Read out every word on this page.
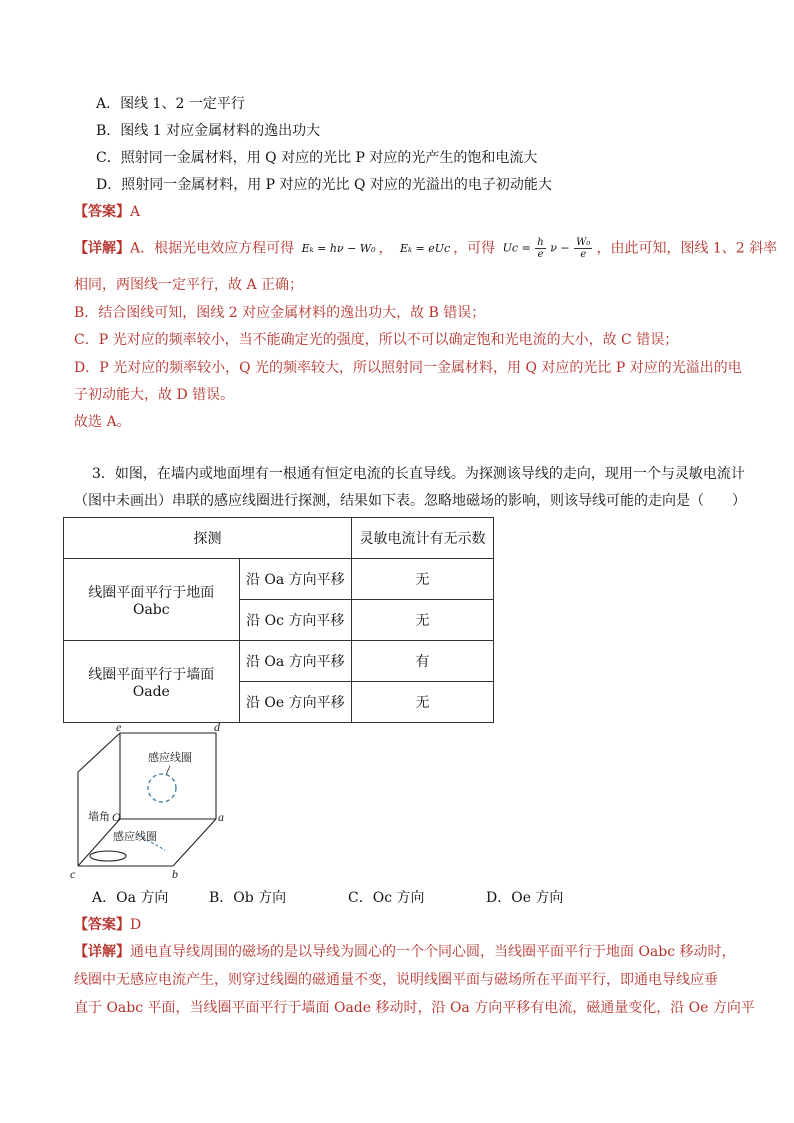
A．图线 1、2 一定平行
B．图线 1 对应金属材料的逸出功大
C．照射同一金属材料，用 Q 对应的光比 P 对应的光产生的饱和电流大
D．照射同一金属材料，用 P 对应的光比 Q 对应的光溢出的电子初动能大
【答案】A
【详解】A．根据光电效应方程可得 Eₖ = hν − W₀ ， Eₖ = eUc ，可得 $Uc = \frac{h}{e}$ $\nu - \frac{\text{W₀}}{e}$ ，由此可知，图线 1、2 斜率
相同，两图线一定平行，故 A 正确；
B．结合图线可知，图线 2 对应金属材料的逸出功大，故 B 错误；
C．P 光对应的频率较小，当不能确定光的强度，所以不可以确定饱和光电流的大小，故 C 错误；
D．P 光对应的频率较小，Q 光的频率较大，所以照射同一金属材料，用 Q 对应的光比 P 对应的光溢出的电
子初动能大，故 D 错误。
故选 A。
3．如图，在墙内或地面埋有一根通有恒定电流的长直导线。为探测该导线的走向，现用一个与灵敏电流计
（图中未画出）串联的感应线圈进行探测，结果如下表。忽略地磁场的影响，则该导线可能的走向是（　　）
探测		灵敏电流计有无示数
线圈平面平行于地面 Oabc	沿 Oa 方向平移	无
	沿 Oc 方向平移	无
线圈平面平行于墙面 Oade	沿 Oa 方向平移	有
	沿 Oe 方向平移	无
e	d
a
b
c
O
感应线圈
墙角
感应线圈
A．Oa 方向	B．Ob 方向	C．Oc 方向	D．Oe 方向
【答案】D
【详解】通电直导线周围的磁场的是以导线为圆心的一个个同心圆，当线圈平面平行于地面 Oabc 移动时，
线圈中无感应电流产生，则穿过线圈的磁通量不变，说明线圈平面与磁场所在平面平行，即通电导线应垂
直于 Oabc 平面，当线圈平面平行于墙面 Oade 移动时，沿 Oa 方向平移有电流，磁通量变化，沿 Oe 方向平
